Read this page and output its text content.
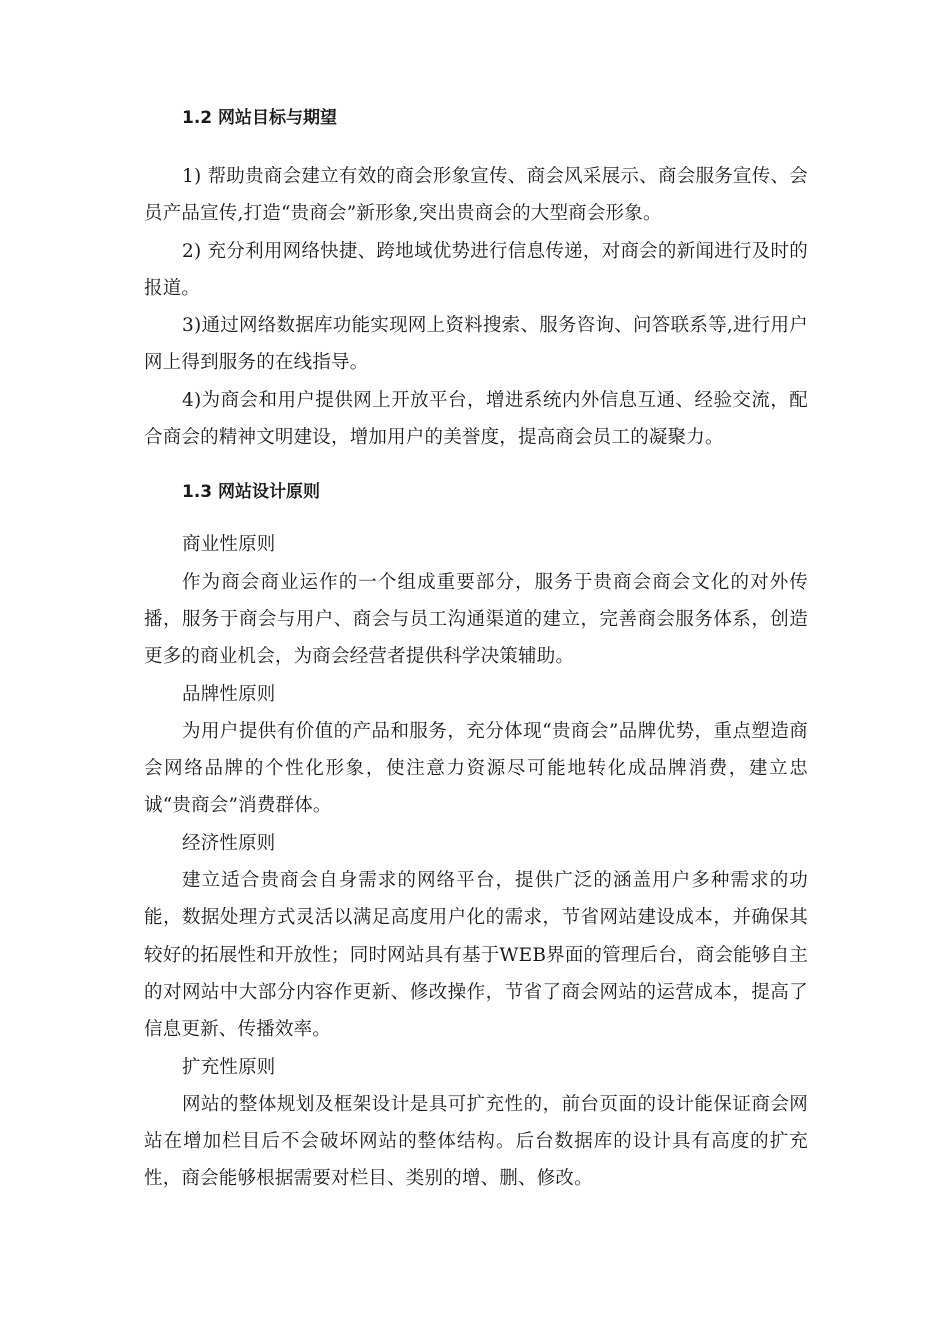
1.2 网站目标与期望

1) 帮助贵商会建立有效的商会形象宣传、商会风采展示、商会服务宣传、会员产品宣传,打造“贵商会”新形象,突出贵商会的大型商会形象。

2) 充分利用网络快捷、跨地域优势进行信息传递，对商会的新闻进行及时的报道。

3)通过网络数据库功能实现网上资料搜索、服务咨询、问答联系等,进行用户网上得到服务的在线指导。

4)为商会和用户提供网上开放平台，增进系统内外信息互通、经验交流，配合商会的精神文明建设，增加用户的美誉度，提高商会员工的凝聚力。

1.3 网站设计原则

商业性原则

作为商会商业运作的一个组成重要部分，服务于贵商会商会文化的对外传播，服务于商会与用户、商会与员工沟通渠道的建立，完善商会服务体系，创造更多的商业机会，为商会经营者提供科学决策辅助。

品牌性原则

为用户提供有价值的产品和服务，充分体现“贵商会”品牌优势，重点塑造商会网络品牌的个性化形象，使注意力资源尽可能地转化成品牌消费，建立忠诚“贵商会”消费群体。

经济性原则

建立适合贵商会自身需求的网络平台，提供广泛的涵盖用户多种需求的功能，数据处理方式灵活以满足高度用户化的需求，节省网站建设成本，并确保其较好的拓展性和开放性；同时网站具有基于WEB界面的管理后台，商会能够自主的对网站中大部分内容作更新、修改操作，节省了商会网站的运营成本，提高了信息更新、传播效率。

扩充性原则

网站的整体规划及框架设计是具可扩充性的，前台页面的设计能保证商会网站在增加栏目后不会破坏网站的整体结构。后台数据库的设计具有高度的扩充性，商会能够根据需要对栏目、类别的增、删、修改。
